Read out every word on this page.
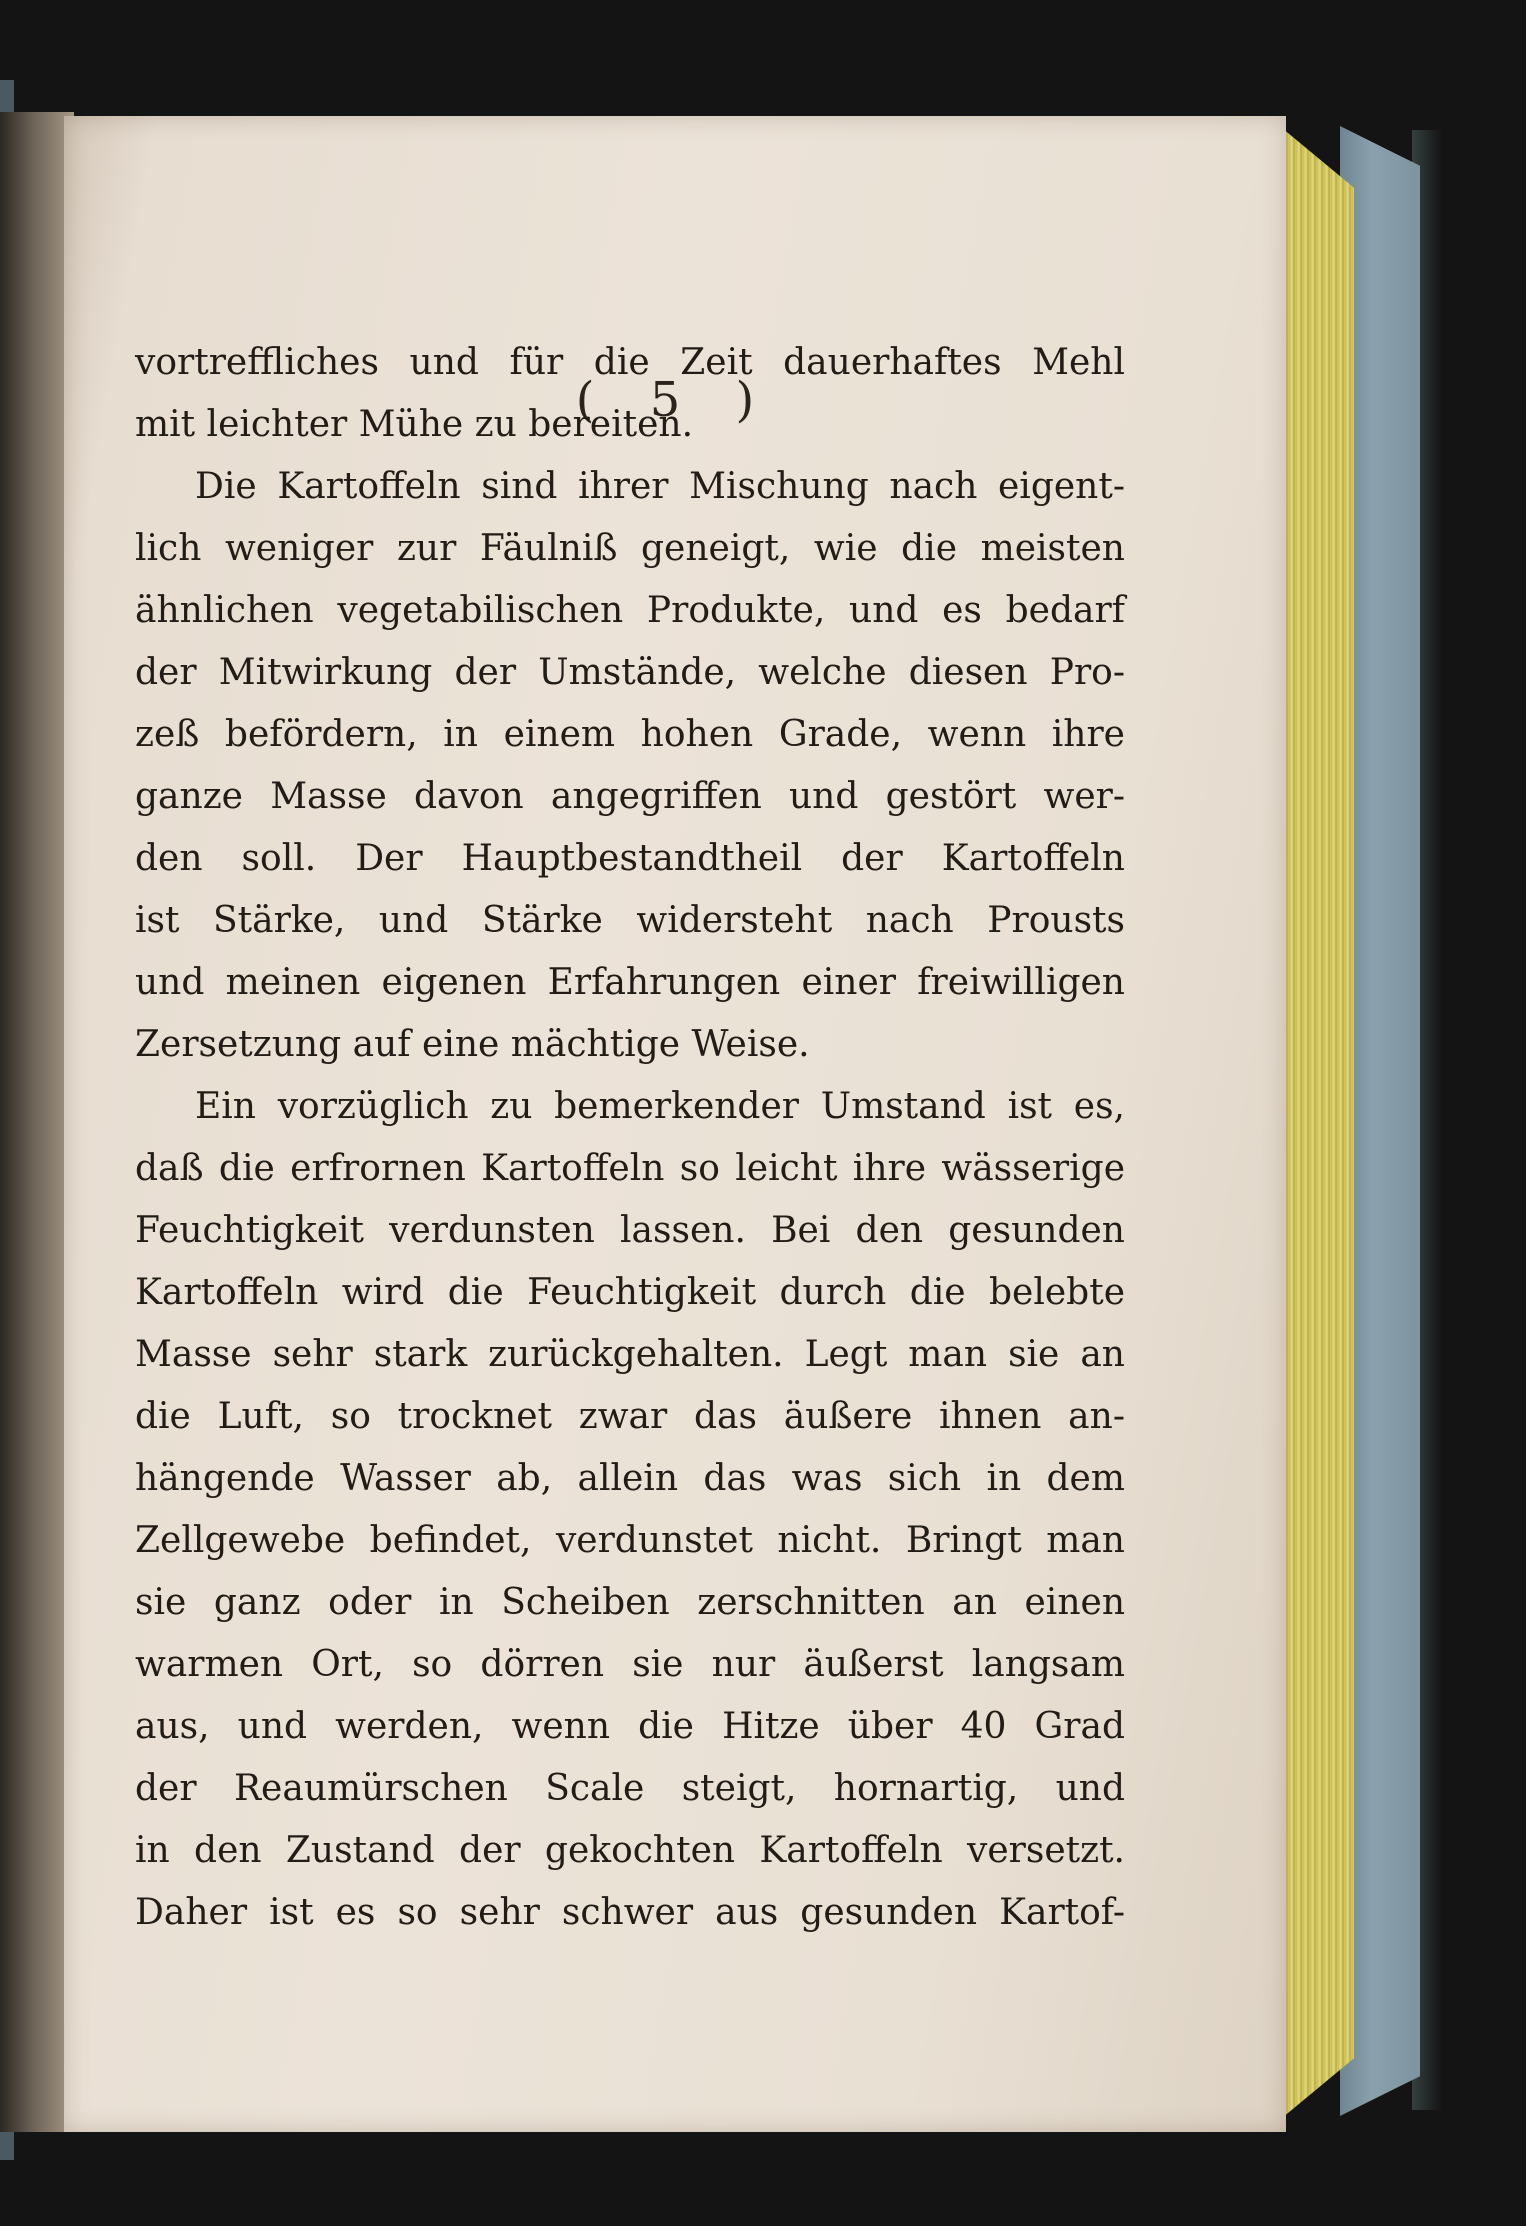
( 5 )
vortreffliches und für die Zeit dauerhaftes Mehl
mit leichter Mühe zu bereiten.
Die Kartoffeln sind ihrer Mischung nach eigent-
lich weniger zur Fäulniß geneigt, wie die meisten
ähnlichen vegetabilischen Produkte, und es bedarf
der Mitwirkung der Umstände, welche diesen Pro-
zeß befördern, in einem hohen Grade, wenn ihre
ganze Masse davon angegriffen und gestört wer-
den soll. Der Hauptbestandtheil der Kartoffeln
ist Stärke, und Stärke widersteht nach Prousts
und meinen eigenen Erfahrungen einer freiwilligen
Zersetzung auf eine mächtige Weise.
Ein vorzüglich zu bemerkender Umstand ist es,
daß die erfrornen Kartoffeln so leicht ihre wässerige
Feuchtigkeit verdunsten lassen. Bei den gesunden
Kartoffeln wird die Feuchtigkeit durch die belebte
Masse sehr stark zurückgehalten. Legt man sie an
die Luft, so trocknet zwar das äußere ihnen an-
hängende Wasser ab, allein das was sich in dem
Zellgewebe befindet, verdunstet nicht. Bringt man
sie ganz oder in Scheiben zerschnitten an einen
warmen Ort, so dörren sie nur äußerst langsam
aus, und werden, wenn die Hitze über 40 Grad
der Reaumürschen Scale steigt, hornartig, und
in den Zustand der gekochten Kartoffeln versetzt.
Daher ist es so sehr schwer aus gesunden Kartof-
